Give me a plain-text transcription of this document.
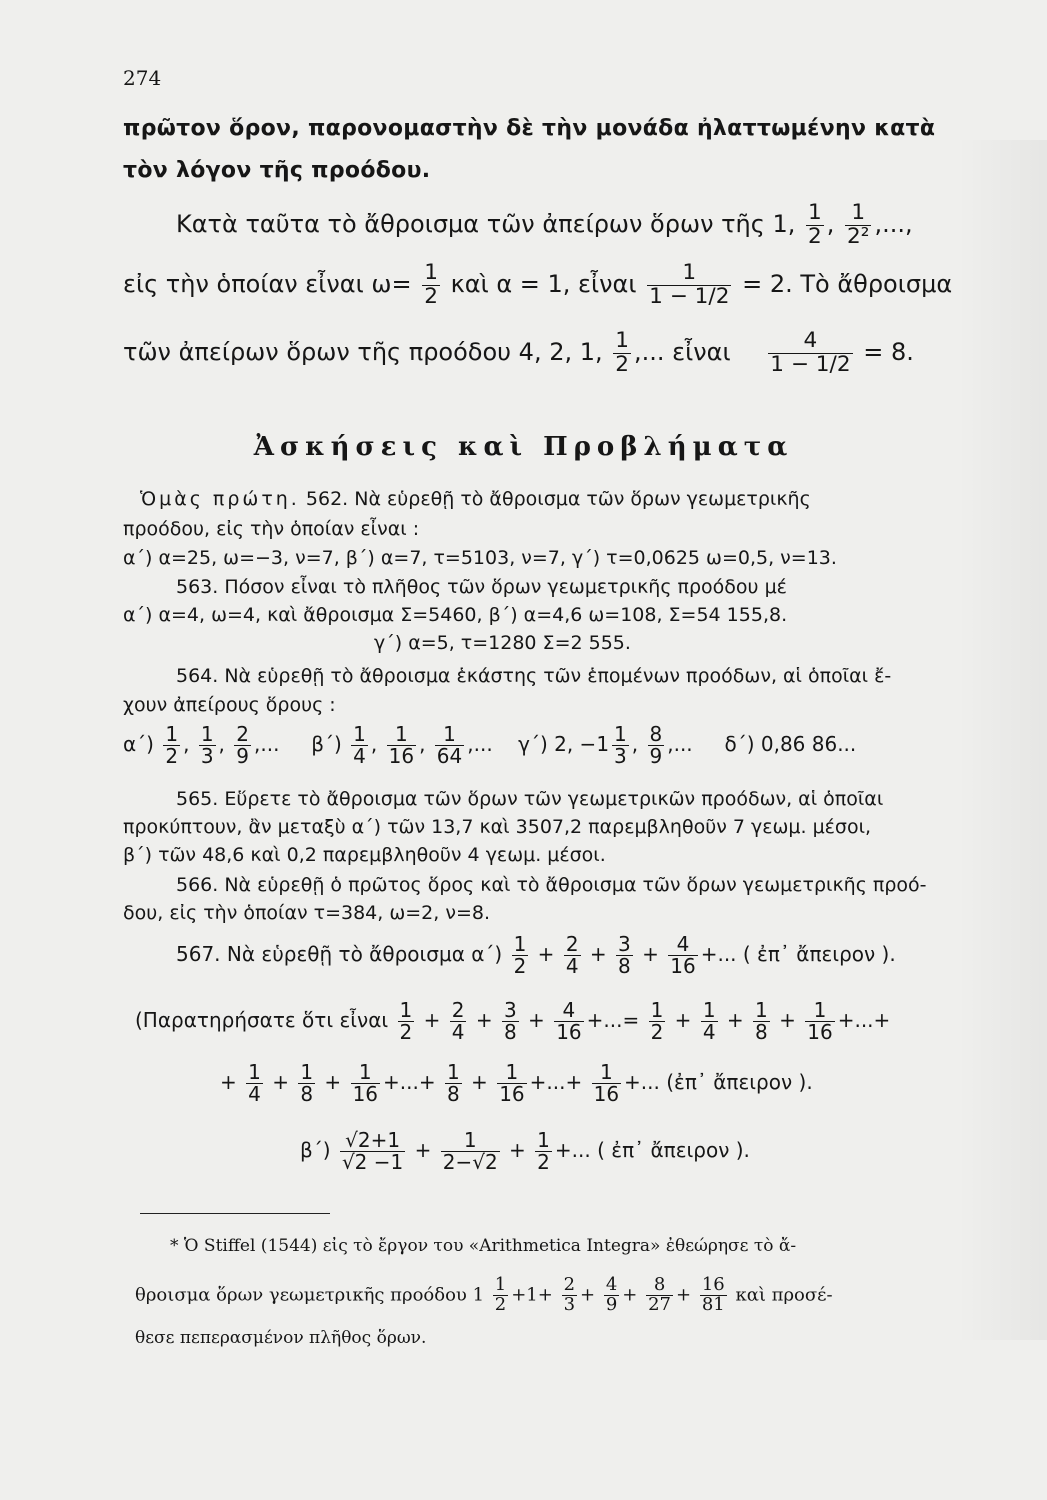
274
πρῶτον ὅρον, παρονομαστὴν δὲ τὴν μονάδα ἠλαττωμένην κατὰ
τὸν λόγον τῆς προόδου.
Κατὰ ταῦτα τὸ ἄθροισμα τῶν ἀπείρων ὅρων τῆς 1, $\frac{1}{2}$ , $\frac{1}{\text{2²}}$ ,...,
εἰς τὴν ὁποίαν εἶναι $\omega= \frac{1}{2}$ καὶ α = 1, εἶναι $\frac{1}{1 - 1/2} = 2$. Τὸ ἄθροισμα
τῶν ἀπείρων ὅρων τῆς προόδου 4, 2, 1, $\frac{1}{2}$ ,... εἶναι $\frac{4}{1 - 1/2} = 8$.
Ἀσκήσεις καὶ Προβλήματα
Ὁμὰς πρώτη. 562. Νὰ εὑρεθῇ τὸ ἄθροισμα τῶν ὅρων γεωμετρικῆς
προόδου, εἰς τὴν ὁποίαν εἶναι :
α΄) α=25, ω=−3, ν=7, β΄) α=7, τ=5103, ν=7, γ΄) τ=0,0625 ω=0,5, ν=13.
563. Πόσον εἶναι τὸ πλῆθος τῶν ὅρων γεωμετρικῆς προόδου μέ
α΄) α=4, ω=4, καὶ ἄθροισμα Σ=5460, β΄) α=4,6 ω=108, Σ=54 155,8.
γ΄) α=5, τ=1280 Σ=2 555.
564. Νὰ εὑρεθῇ τὸ ἄθροισμα ἑκάστης τῶν ἑπομένων προόδων, αἱ ὁποῖαι ἔ-
χουν ἀπείρους ὅρους :
$\alpha΄) \frac{1}{2}$ , $\frac{1}{3}$ , $\frac{2}{9}$ ,... $\beta΄) \frac{1}{4}$ , $\frac{1}{16}$ , $\frac{1}{64}$ ,... γ΄) 2, $-1 \frac{1}{3}$ , $\frac{8}{9}$ ,... δ΄) 0,86 86...
565. Εὕρετε τὸ ἄθροισμα τῶν ὅρων τῶν γεωμετρικῶν προόδων, αἱ ὁποῖαι
προκύπτουν, ἂν μεταξὺ α΄) τῶν 13,7 καὶ 3507,2 παρεμβληθοῦν 7 γεωμ. μέσοι,
β΄) τῶν 48,6 καὶ 0,2 παρεμβληθοῦν 4 γεωμ. μέσοι.
566. Νὰ εὑρεθῇ ὁ πρῶτος ὅρος καὶ τὸ ἄθροισμα τῶν ὅρων γεωμετρικῆς προό-
δου, εἰς τὴν ὁποίαν τ=384, ω=2, ν=8.
567. Νὰ εὑρεθῇ τὸ ἄθροισμα $\alpha΄) \frac{1}{2} + \frac{2}{4} + \frac{3}{8} + \frac{4}{16}$ +... ( ἐπ᾿ ἄπειρον ).
(Παρατηρήσατε ὅτι εἶναι $\frac{1}{2} + \frac{2}{4} + \frac{3}{8} + \frac{4}{16}$ +...= $\frac{1}{2} + \frac{1}{4} + \frac{1}{8} + \frac{1}{16}$ +...+
+ $\frac{1}{4} + \frac{1}{8} + \frac{1}{16}$ +...+ $\frac{1}{8} + \frac{1}{16}$ +...+ $\frac{1}{16}$ +... (ἐπ᾿ ἄπειρον ).
$\beta΄) \frac{√2+1}{√2 -1} + \frac{1}{2-√2} + \frac{1}{2}$ +... ( ἐπ᾿ ἄπειρον ).
* Ὁ Stiffel (1544) εἰς τὸ ἔργον του «Arithmetica Integra» ἐθεώρησε τὸ ἄ-
θροισμα ὅρων γεωμετρικῆς προόδου $1 \frac{1}{2} +1+ \frac{2}{3} + \frac{4}{9} + \frac{8}{27} + \frac{16}{81}$ καὶ προσέ-
θεσε πεπερασμένον πλῆθος ὅρων.
